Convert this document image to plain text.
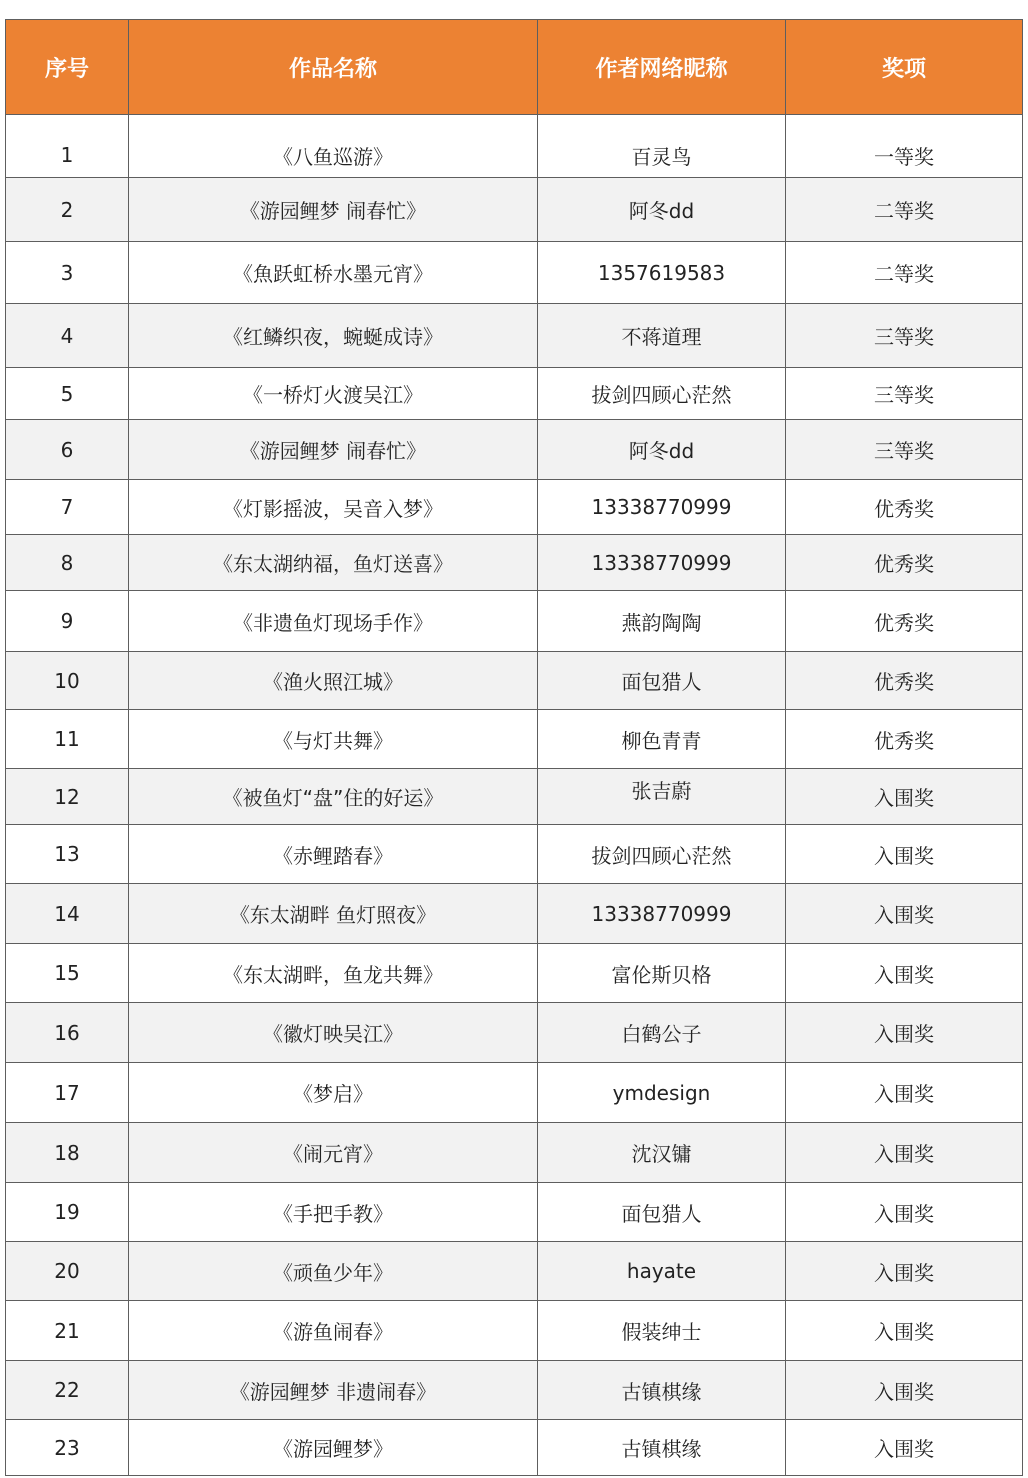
序号	作品名称	作者网络昵称	奖项
1	《八鱼巡游》	百灵鸟	一等奖
2	《游园鲤梦 闹春忙》	阿冬dd	二等奖
3	《魚跃虹桥水墨元宵》	1357619583	二等奖
4	《红鳞织夜，蜿蜒成诗》	不蒋道理	三等奖
5	《一桥灯火渡吴江》	拔剑四顾心茫然	三等奖
6	《游园鲤梦 闹春忙》	阿冬dd	三等奖
7	《灯影摇波，吴音入梦》	13338770999	优秀奖
8	《东太湖纳福，鱼灯送喜》	13338770999	优秀奖
9	《非遗鱼灯现场手作》	燕韵陶陶	优秀奖
10	《渔火照江城》	面包猎人	优秀奖
11	《与灯共舞》	柳色青青	优秀奖
12	《被鱼灯“盘”住的好运》	张吉蔚	入围奖
13	《赤鲤踏春》	拔剑四顾心茫然	入围奖
14	《东太湖畔 鱼灯照夜》	13338770999	入围奖
15	《东太湖畔，鱼龙共舞》	富伦斯贝格	入围奖
16	《徽灯映吴江》	白鹤公子	入围奖
17	《梦启》	ymdesign	入围奖
18	《闹元宵》	沈汉镛	入围奖
19	《手把手教》	面包猎人	入围奖
20	《顽鱼少年》	hayate	入围奖
21	《游鱼闹春》	假装绅士	入围奖
22	《游园鲤梦 非遗闹春》	古镇棋缘	入围奖
23	《游园鲤梦》	古镇棋缘	入围奖
